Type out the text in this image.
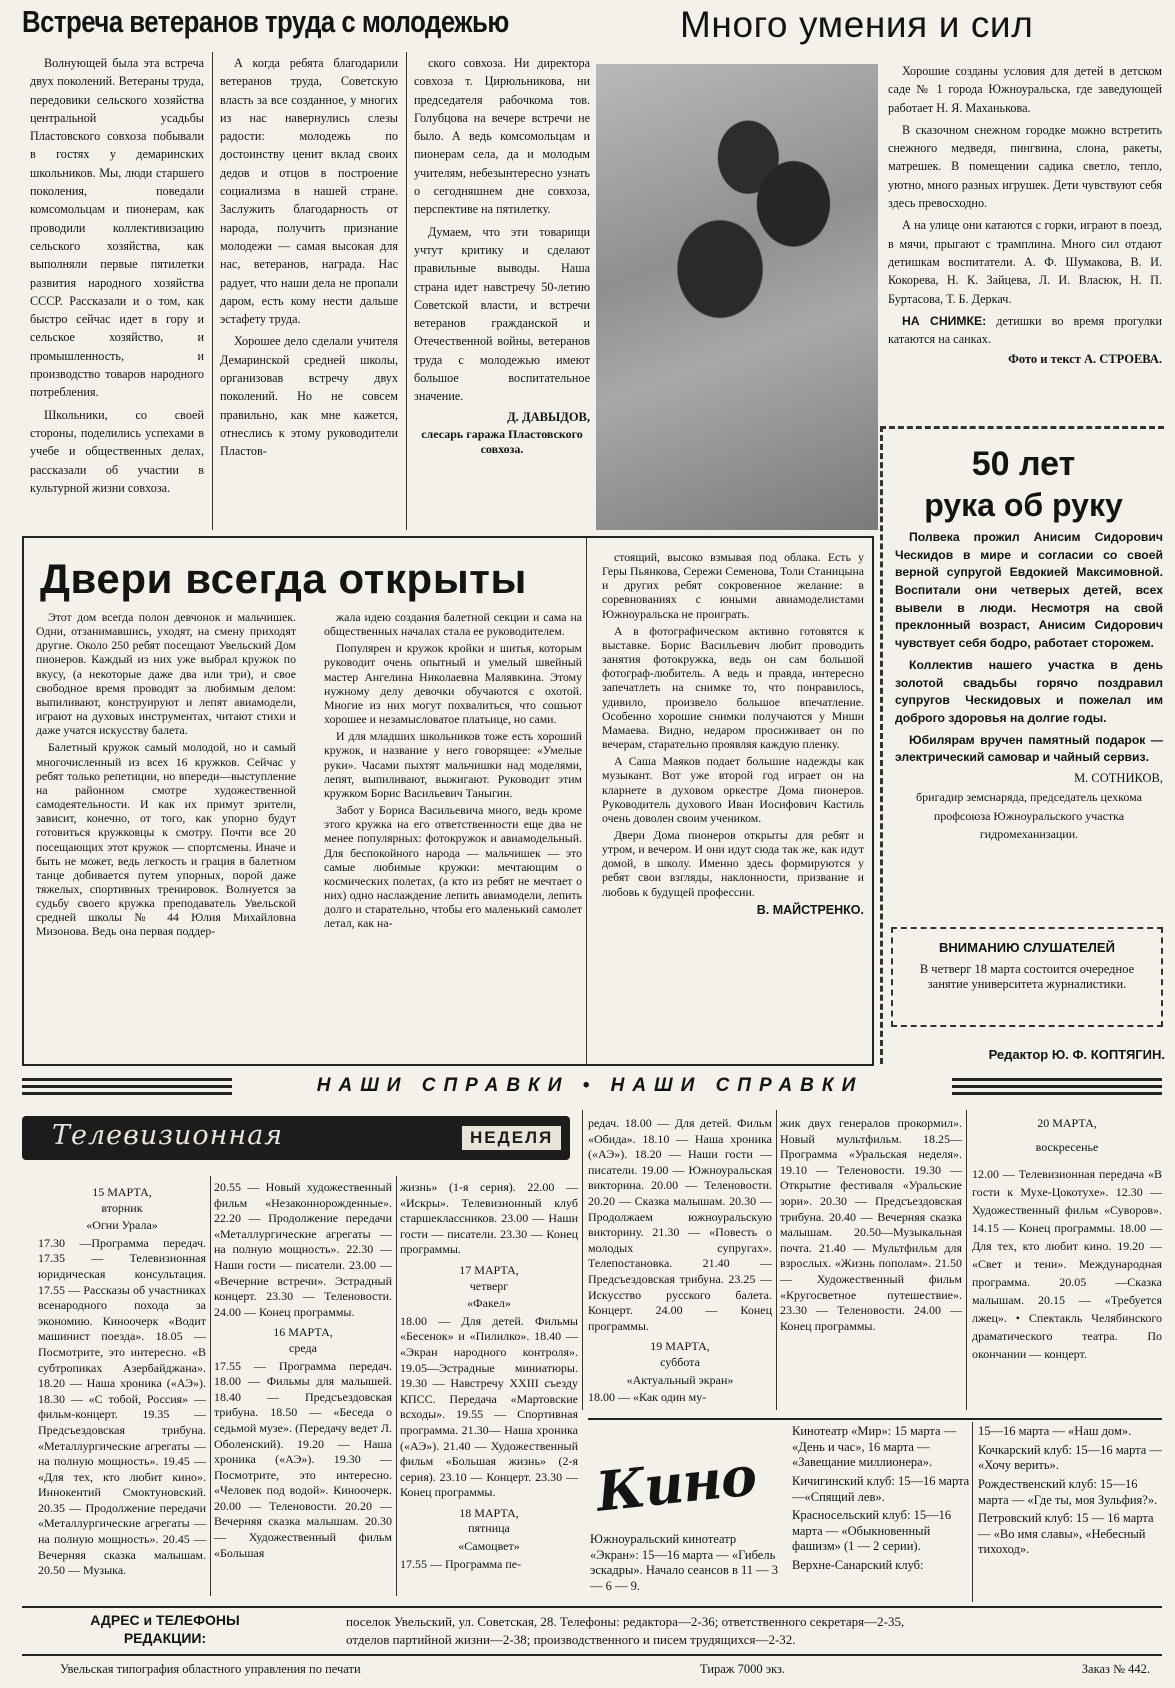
Встреча ветеранов труда с молодежью

Волнующей была эта встреча двух поколений. Ветераны труда, передовики сельского хозяйства центральной усадьбы Пластовского совхоза побывали в гостях у демаринских школьников. Мы, люди старшего поколения, поведали комсомольцам и пионерам, как проводили коллективизацию сельского хозяйства, как выполняли первые пятилетки развития народного хозяйства СССР. Рассказали и о том, как быстро сейчас идет в гору и сельское хозяйство, и промышленность, и производство товаров народного потребления.

Школьники, со своей стороны, поделились успехами в учебе и общественных делах, рассказали об участии в культурной жизни совхоза.

А когда ребята благодарили ветеранов труда, Советскую власть за все созданное, у многих из нас навернулись слезы радости: молодежь по достоинству ценит вклад своих дедов и отцов в построение социализма в нашей стране. Заслужить благодарность от народа, получить признание молодежи — самая высокая для нас, ветеранов, награда. Нас радует, что наши дела не пропали даром, есть кому нести дальше эстафету труда.

Хорошее дело сделали учителя Демаринской средней школы, организовав встречу двух поколений. Но не совсем правильно, как мне кажется, отнеслись к этому руководители Пластов-

ского совхоза. Ни директора совхоза т. Цирюльникова, ни председателя рабочкома тов. Голубцова на вечере встречи не было. А ведь комсомольцам и пионерам села, да и молодым учителям, небезынтересно узнать о сегодняшнем дне совхоза, перспективе на пятилетку.

Думаем, что эти товарищи учтут критику и сделают правильные выводы. Наша страна идет навстречу 50-летию Советской власти, и встречи ветеранов гражданской и Отечественной войны, ветеранов труда с молодежью имеют большое воспитательное значение.

Д. ДАВЫДОВ,

слесарь гаража Пластовского совхоза.

Много умения и сил

Хорошие созданы условия для детей в детском саде № 1 города Южноуральска, где заведующей работает Н. Я. Маханькова.

В сказочном снежном городке можно встретить снежного медведя, пингвина, слона, ракеты, матрешек. В помещении садика светло, тепло, уютно, много разных игрушек. Дети чувствуют себя здесь превосходно.

А на улице они катаются с горки, играют в поезд, в мячи, прыгают с трамплина. Много сил отдают детишкам воспитатели. А. Ф. Шумакова, В. И. Кокорева, Н. К. Зайцева, Л. И. Власюк, Н. П. Буртасова, Т. Б. Деркач.

НА СНИМКЕ: детишки во время прогулки катаются на санках.

Фото и текст А. СТРОЕВА.

50 лет
рука об руку

Полвека прожил Анисим Сидорович Ческидов в мире и согласии со своей верной супругой Евдокией Максимовной. Воспитали они четверых детей, всех вывели в люди. Несмотря на свой преклонный возраст, Анисим Сидорович чувствует себя бодро, работает сторожем.

Коллектив нашего участка в день золотой свадьбы горячо поздравил супругов Ческидовых и пожелал им доброго здоровья на долгие годы.

Юбилярам вручен памятный подарок — электрический самовар и чайный сервиз.

М. СОТНИКОВ,

бригадир земснаряда, председатель цехкома профсоюза Южноуральского участка гидромеханизации.

ВНИМАНИЮ СЛУШАТЕЛЕЙ
В четверг 18 марта состоится очередное занятие университета журналистики.
Редактор Ю. Ф. КОПТЯГИН.
Двери всегда открыты

Этот дом всегда полон девчонок и мальчишек. Одни, отзанимавшись, уходят, на смену приходят другие. Около 250 ребят посещают Увельский Дом пионеров. Каждый из них уже выбрал кружок по вкусу, (а некоторые даже два или три), и свое свободное время проводят за любимым делом: выпиливают, конструируют и лепят авиамодели, играют на духовых инструментах, читают стихи и даже учатся искусству балета.

Балетный кружок самый молодой, но и самый многочисленный из всех 16 кружков. Сейчас у ребят только репетиции, но впереди—выступление на районном смотре художественной самодеятельности. И как их примут зрители, зависит, конечно, от того, как упорно будут готовиться кружковцы к смотру. Почти все 20 посещающих этот кружок — спортсмены. Иначе и быть не может, ведь легкость и грация в балетном танце добивается путем упорных, порой даже тяжелых, спортивных тренировок. Волнуется за судьбу своего кружка преподаватель Увельской средней школы № 44 Юлия Михайловна Мизонова. Ведь она первая поддер-

жала идею создания балетной секции и сама на общественных началах стала ее руководителем.

Популярен и кружок кройки и шитья, которым руководит очень опытный и умелый швейный мастер Ангелина Николаевна Малявкина. Этому нужному делу девочки обучаются с охотой. Многие из них могут похвалиться, что сошьют хорошее и незамысловатое платьице, но сами.

И для младших школьников тоже есть хороший кружок, и название у него говорящее: «Умелые руки». Часами пыхтят мальчишки над моделями, лепят, выпиливают, выжигают. Руководит этим кружком Борис Васильевич Таныгин.

Забот у Бориса Васильевича много, ведь кроме этого кружка на его ответственности еще два не менее популярных: фотокружок и авиамодельный. Для беспокойного народа — мальчишек — это самые любимые кружки: мечтающим о космических полетах, (а кто из ребят не мечтает о них) одно наслаждение лепить авиамодели, лепить долго и старательно, чтобы его маленький самолет летал, как на-

стоящий, высоко взмывая под облака. Есть у Геры Пьянкова, Сережи Семенова, Толи Станицына и других ребят сокровенное желание: в соревнованиях с юными авиамоделистами Южноуральска не проиграть.

А в фотографическом активно готовятся к выставке. Борис Васильевич любит проводить занятия фотокружка, ведь он сам большой фотограф-любитель. А ведь и правда, интересно запечатлеть на снимке то, что понравилось, удивило, произвело большое впечатление. Особенно хорошие снимки получаются у Миши Мамаева. Видно, недаром просиживает он по вечерам, старательно проявляя каждую пленку.

А Саша Маяков подает большие надежды как музыкант. Вот уже второй год играет он на кларнете в духовом оркестре Дома пионеров. Руководитель духового Иван Иосифович Кастиль очень доволен своим учеником.

Двери Дома пионеров открыты для ребят и утром, и вечером. И они идут сюда так же, как идут домой, в школу. Именно здесь формируются у ребят свои взгляды, наклонности, призвание и любовь к будущей профессии.

В. МАЙСТРЕНКО.

НАШИ СПРАВКИ • НАШИ СПРАВКИ
Телевизионная	НЕДЕЛЯ

15 МАРТА,

вторник

«Огни Урала»

17.30 —Программа передач. 17.35 — Телевизионная юридическая консультация. 17.55 — Рассказы об участниках всенародного похода за экономию. Киноочерк «Водит машинист поезда». 18.05 — Посмотрите, это интересно. «В субтропиках Азербайджана». 18.20 — Наша хроника («АЭ»). 18.30 — «С тобой, Россия» — фильм-концерт. 19.35 — Предсъездовская трибуна. «Металлургические агрегаты — на полную мощность». 19.45 — «Для тех, кто любит кино». Иннокентий Смоктуновский. 20.35 — Продолжение передачи «Металлургические агрегаты — на полную мощность». 20.45 — Вечерняя сказка малышам. 20.50 — Музыка.

20.55 — Новый художественный фильм «Незаконнорожденные». 22.20 — Продолжение передачи «Металлургические агрегаты — на полную мощность». 22.30 —Наши гости — писатели. 23.00 — «Вечерние встречи». Эстрадный концерт. 23.30 — Теленовости. 24.00 — Конец программы.

16 МАРТА,

среда

17.55 — Программа передач. 18.00 — Фильмы для малышей. 18.40 — Предсъездовская трибуна. 18.50 — «Беседа о седьмой музе». (Передачу ведет Л. Оболенский). 19.20 — Наша хроника («АЭ»). 19.30 — Посмотрите, это интересно. «Человек под водой». Киноочерк. 20.00 — Теленовости. 20.20 — Вечерняя сказка малышам. 20.30 — Художественный фильм «Большая

жизнь» (1-я серия). 22.00 — «Искры». Телевизионный клуб старшеклассников. 23.00 — Наши гости — писатели. 23.30 — Конец программы.

17 МАРТА,

четверг

«Факел»

18.00 — Для детей. Фильмы «Бесенок» и «Пилилко». 18.40 — «Экран народного контроля». 19.05—Эстрадные миниатюры. 19.30 — Навстречу XXIII съезду КПСС. Передача «Мартовские всходы». 19.55 — Спортивная программа. 21.30— Наша хроника («АЭ»). 21.40 — Художественный фильм «Большая жизнь» (2-я серия). 23.10 — Концерт. 23.30 — Конец программы.

18 МАРТА,

пятница

«Самоцвет»

17.55 — Программа пе-

редач. 18.00 — Для детей. Фильм «Обида». 18.10 — Наша хроника («АЭ»). 18.20 — Наши гости — писатели. 19.00 — Южноуральская викторина. 20.00 — Теленовости. 20.20 — Сказка малышам. 20.30 — Продолжаем южноуральскую викторину. 21.30 — «Повесть о молодых супругах». Телепостановка. 21.40 — Предсъездовская трибуна. 23.25 — Искусство русского балета. Концерт. 24.00 — Конец программы.

19 МАРТА,

суббота

«Актуальный экран»

18.00 — «Как один му-

жик двух генералов прокормил». Новый мультфильм. 18.25— Программа «Уральская неделя». 19.10 — Теленовости. 19.30 — Открытие фестиваля «Уральские зори». 20.30 — Предсъездовская трибуна. 20.40 — Вечерняя сказка малышам. 20.50—Музыкальная почта. 21.40 — Мультфильм для взрослых. «Жизнь пополам». 21.50 — Художественный фильм «Кругосветное путешествие». 23.30 — Теленовости. 24.00 — Конец программы.

20 МАРТА,

воскресенье

12.00 — Телевизионная передача «В гости к Мухе-Цокотухе». 12.30 — Художественный фильм «Суворов». 14.15 — Конец программы. 18.00 — Для тех, кто любит кино. 19.20 — «Свет и тени». Международная программа. 20.05 —Сказка малышам. 20.15 — «Требуется лжец». • Спектакль Челябинского драматического театра. По окончании — концерт.

Кино

Южноуральский кинотеатр «Экран»: 15—16 марта — «Гибель эскадры». Начало сеансов в 11 — 3 — 6 — 9.

Кинотеатр «Мир»: 15 марта — «День и час», 16 марта — «Завещание миллионера».

Кичигинский клуб: 15—16 марта—«Спящий лев».

Красносельский клуб: 15—16 марта — «Обыкновенный фашизм» (1 — 2 серии).

Верхне-Санарский клуб:

15—16 марта — «Наш дом».

Кочкарский клуб: 15—16 марта — «Хочу верить».

Рождественский клуб: 15—16 марта — «Где ты, моя Зульфия?».

Петровский клуб: 15 — 16 марта — «Во имя славы», «Небесный тихоход».

АДРЕС и ТЕЛЕФОНЫ РЕДАКЦИИ:
поселок Увельский, ул. Советская, 28. Телефоны: редактора—2-36; ответственного секретаря—2-35,
отделов партийной жизни—2-38; производственного и писем трудящихся—2-32.
Увельская типография областного управления по печати	Тираж 7000 экз.	Заказ № 442.
